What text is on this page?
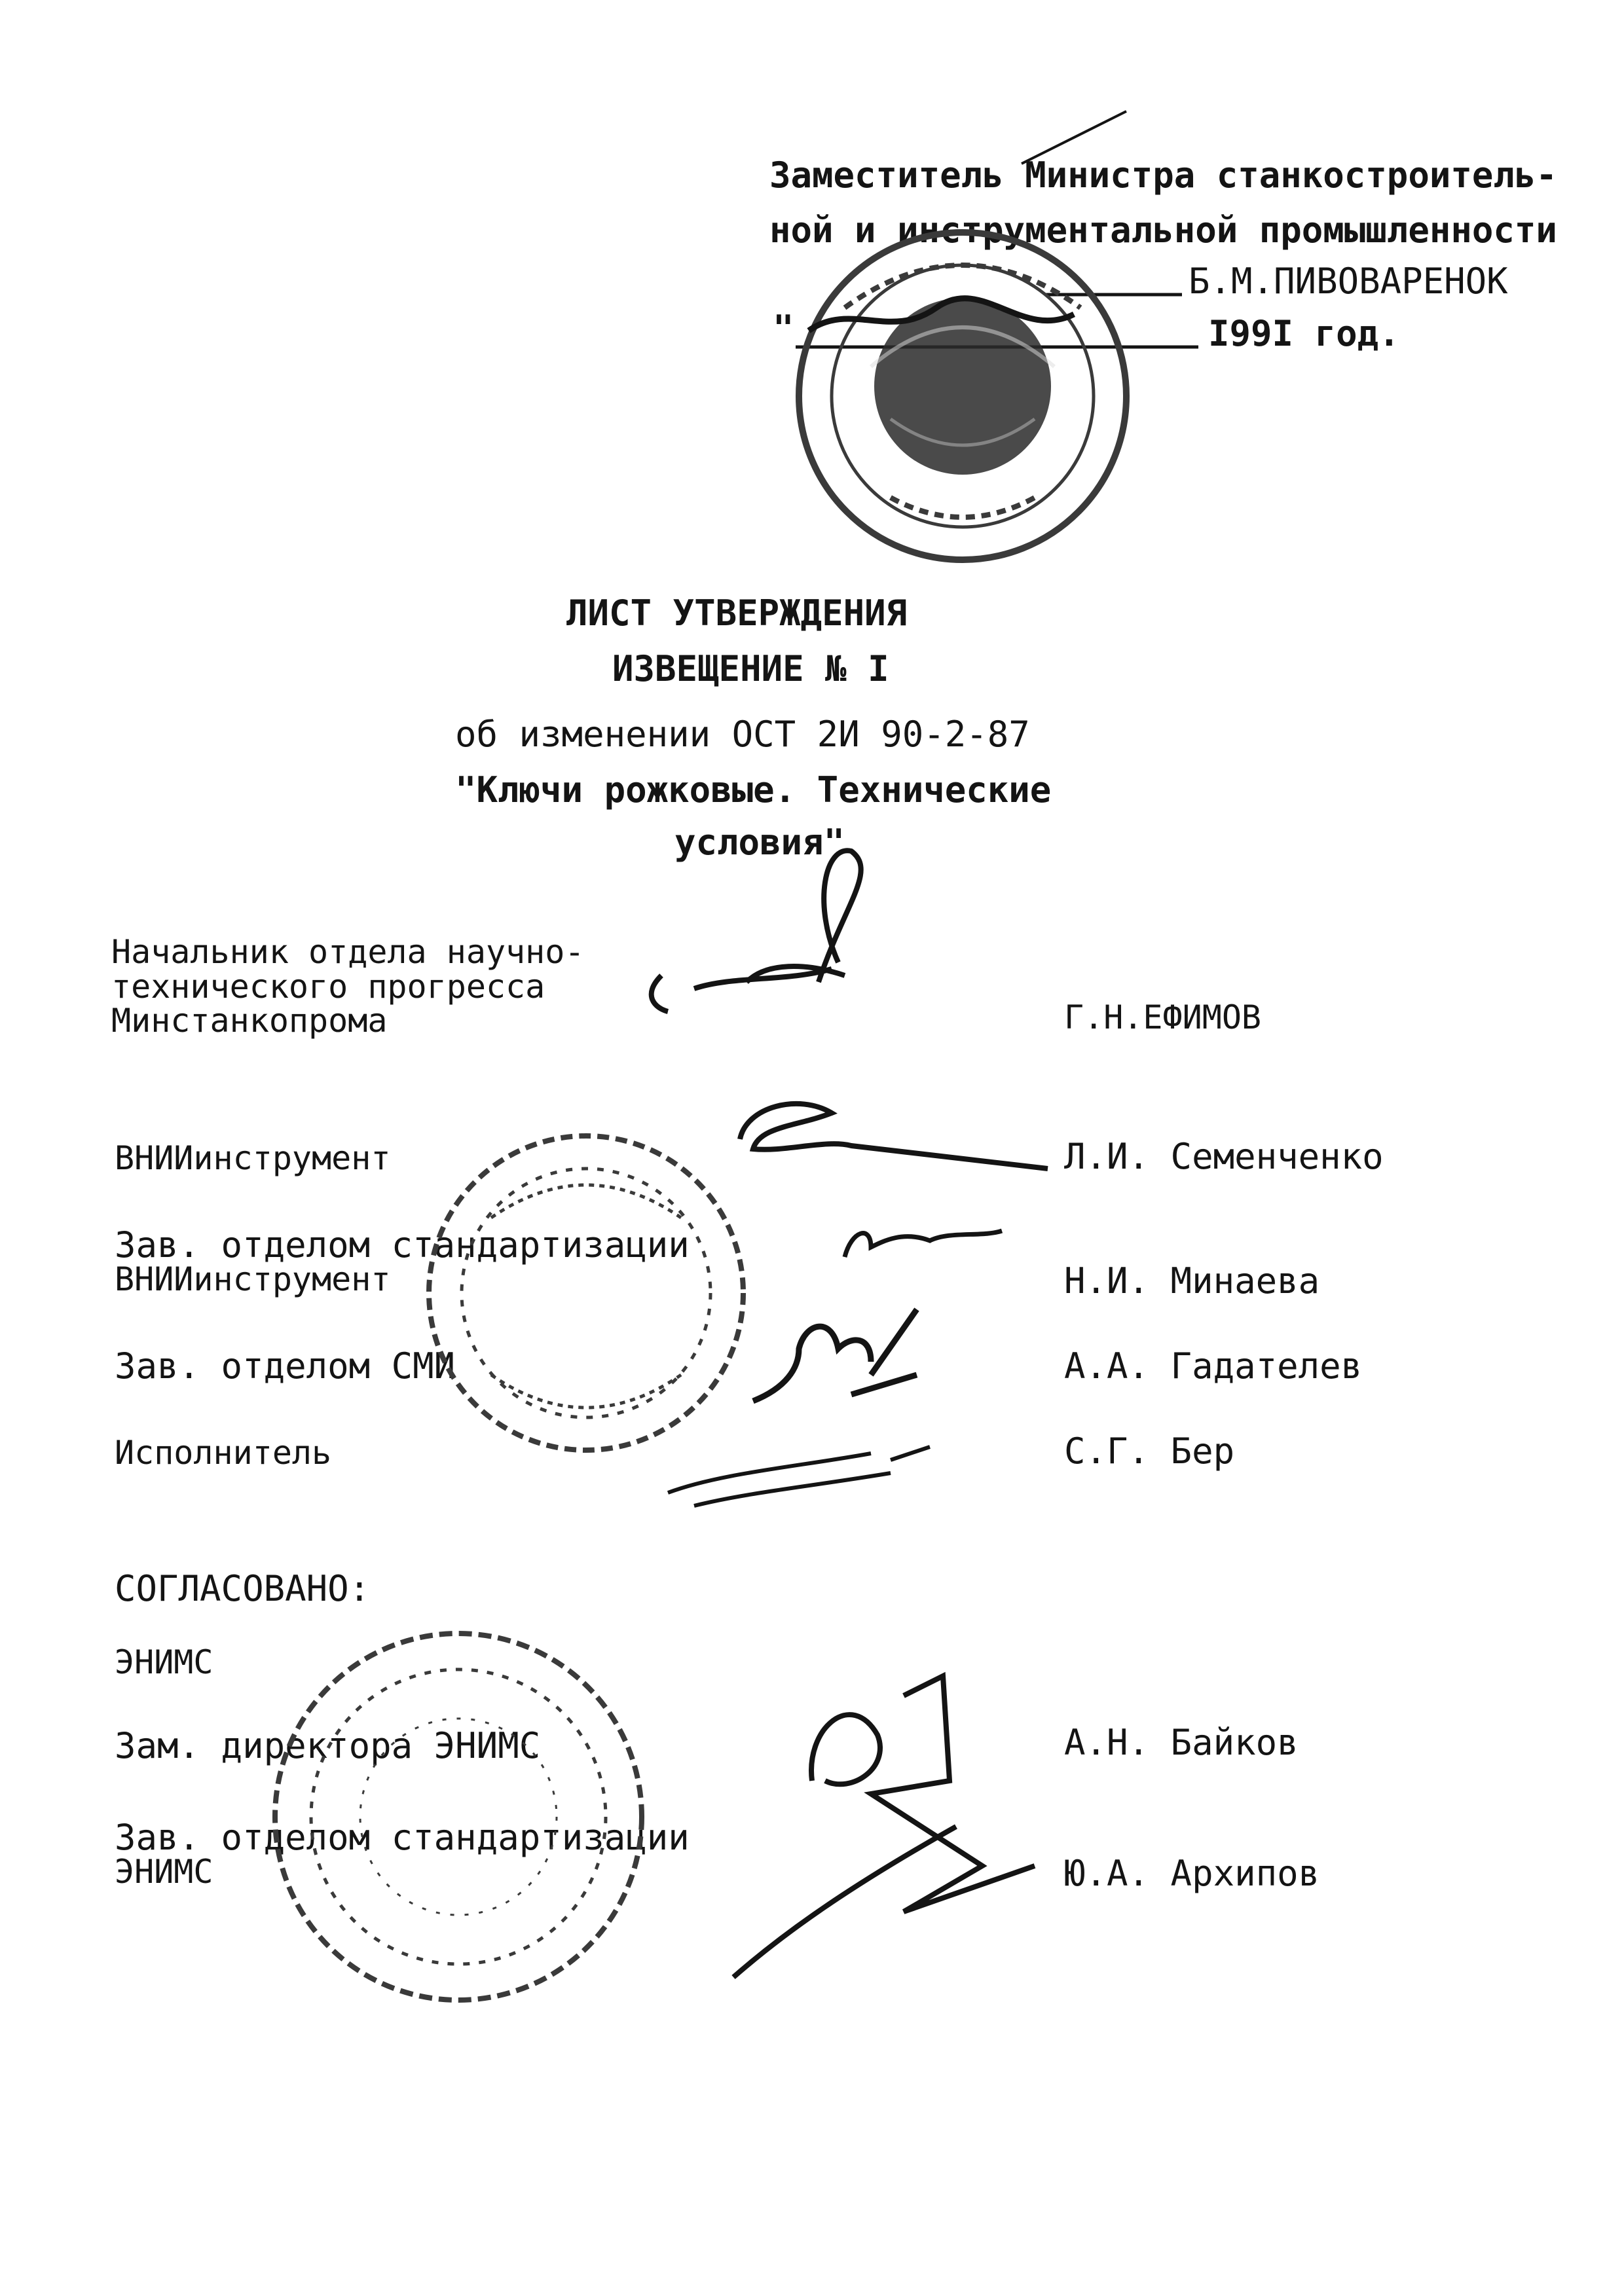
Заместитель Министра станкостроитель-
ной и инструментальной промышленности
Б.М.ПИВОВАРЕНОК
"	I99I год.
ЛИСТ УТВЕРЖДЕНИЯ
ИЗВЕЩЕНИЕ № I
об изменении ОСТ 2И 90-2-87
"Ключи рожковые. Технические
условия"
Начальник отдела научно-
технического прогресса
Минстанкопрома	Г.Н.ЕФИМОВ
ВНИИинструмент	Л.И. Семенченко
Зав. отделом стандартизации
ВНИИинструмент	Н.И. Минаева
Зав. отделом СМИ	А.А. Гадателев
Исполнитель	С.Г. Бер
СОГЛАСОВАНО:
ЭНИМС
Зам. директора ЭНИМС	А.Н. Байков
Зав. отделом стандартизации
ЭНИМС	Ю.А. Архипов
